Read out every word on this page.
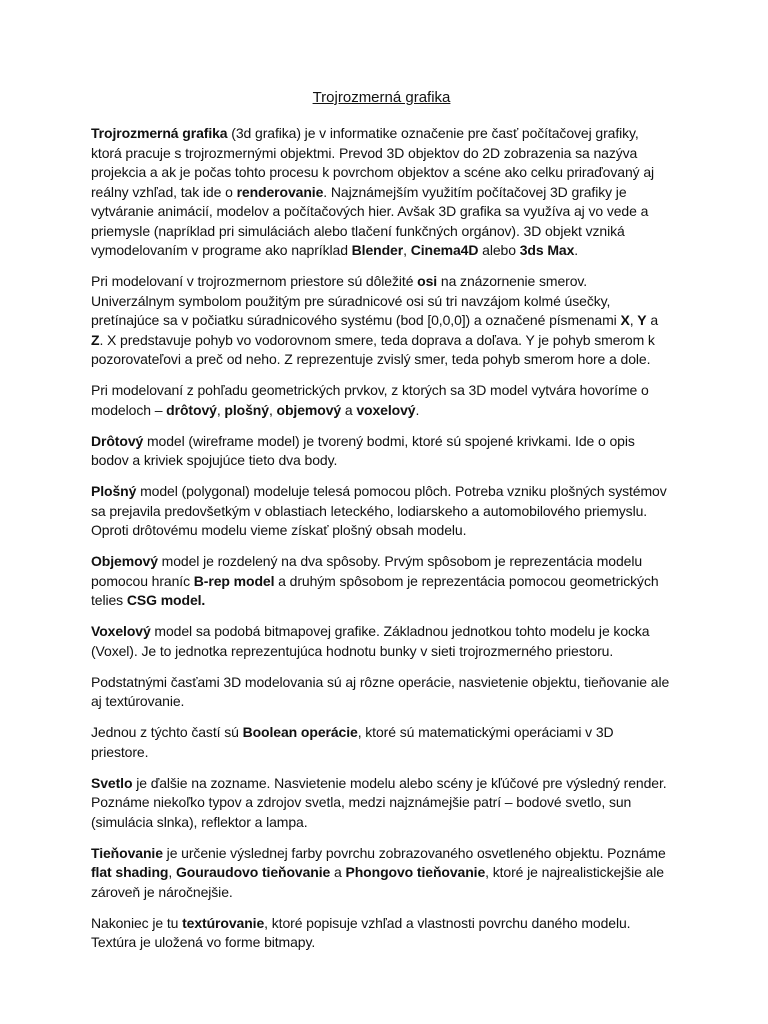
Trojrozmerná grafika

Trojrozmerná grafika (3d grafika) je v informatike označenie pre časť počítačovej grafiky, ktorá pracuje s trojrozmernými objektmi. Prevod 3D objektov do 2D zobrazenia sa nazýva projekcia a ak je počas tohto procesu k povrchom objektov a scéne ako celku priraďovaný aj reálny vzhľad, tak ide o renderovanie. Najznámejším využitím počítačovej 3D grafiky je vytváranie animácií, modelov a počítačových hier. Avšak 3D grafika sa využíva aj vo vede a priemysle (napríklad pri simuláciách alebo tlačení funkčných orgánov). 3D objekt vzniká vymodelovaním v programe ako napríklad Blender, Cinema4D alebo 3ds Max.

Pri modelovaní v trojrozmernom priestore sú dôležité osi na znázornenie smerov. Univerzálnym symbolom použitým pre súradnicové osi sú tri navzájom kolmé úsečky, pretínajúce sa v počiatku súradnicového systému (bod [0,0,0]) a označené písmenami X, Y a Z. X predstavuje pohyb vo vodorovnom smere, teda doprava a doľava. Y je pohyb smerom k pozorovateľovi a preč od neho. Z reprezentuje zvislý smer, teda pohyb smerom hore a dole.

Pri modelovaní z pohľadu geometrických prvkov, z ktorých sa 3D model vytvára hovoríme o modeloch – drôtový, plošný, objemový a voxelový.

Drôtový model (wireframe model) je tvorený bodmi, ktoré sú spojené krivkami. Ide o opis bodov a kriviek spojujúce tieto dva body.

Plošný model (polygonal) modeluje telesá pomocou plôch. Potreba vzniku plošných systémov sa prejavila predovšetkým v oblastiach leteckého, lodiarskeho a automobilového priemyslu. Oproti drôtovému modelu vieme získať plošný obsah modelu.

Objemový model je rozdelený na dva spôsoby. Prvým spôsobom je reprezentácia modelu pomocou hraníc B-rep model a druhým spôsobom je reprezentácia pomocou geometrických telies CSG model.

Voxelový model sa podobá bitmapovej grafike. Základnou jednotkou tohto modelu je kocka (Voxel). Je to jednotka reprezentujúca hodnotu bunky v sieti trojrozmerného priestoru.

Podstatnými časťami 3D modelovania sú aj rôzne operácie, nasvietenie objektu, tieňovanie ale aj textúrovanie.

Jednou z týchto častí sú Boolean operácie, ktoré sú matematickými operáciami v 3D priestore.

Svetlo je ďalšie na zozname. Nasvietenie modelu alebo scény je kľúčové pre výsledný render. Poznáme niekoľko typov a zdrojov svetla, medzi najznámejšie patrí – bodové svetlo, sun (simulácia slnka), reflektor a lampa.

Tieňovanie je určenie výslednej farby povrchu zobrazovaného osvetleného objektu. Poznáme flat shading, Gouraudovo tieňovanie a Phongovo tieňovanie, ktoré je najrealistickejšie ale zároveň je náročnejšie.

Nakoniec je tu textúrovanie, ktoré popisuje vzhľad a vlastnosti povrchu daného modelu. Textúra je uložená vo forme bitmapy.
